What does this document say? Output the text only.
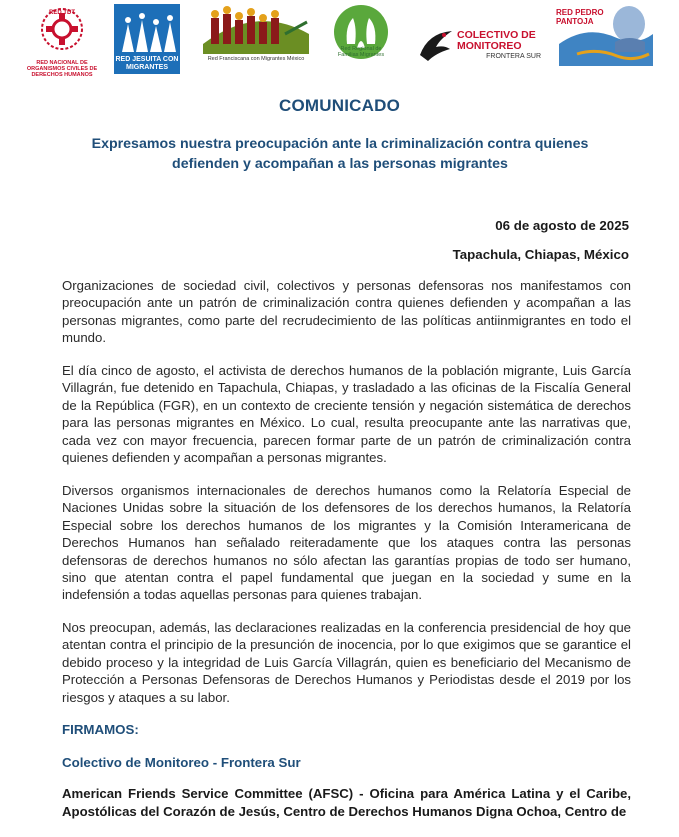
RED TDT
RED NACIONAL DE ORGANISMOS CIVILES DE DERECHOS HUMANOS
RED JESUITA CON MIGRANTES
Red Franciscana con Migrantes México
Red Regional de Familias Migrantes
COLECTIVO DE MONITOREO
FRONTERA SUR
RED PEDRO PANTOJA
COMUNICADO
Expresamos nuestra preocupación ante la criminalización contra quienes defienden y acompañan a las personas migrantes
06 de agosto de 2025
Tapachula, Chiapas, México
Organizaciones de sociedad civil, colectivos y personas defensoras nos manifestamos con preocupación ante un patrón de criminalización contra quienes defienden y acompañan a las personas migrantes, como parte del recrudecimiento de las políticas antiinmigrantes en todo el mundo.
El día cinco de agosto, el activista de derechos humanos de la población migrante, Luis García Villagrán, fue detenido en Tapachula, Chiapas, y trasladado a las oficinas de la Fiscalía General de la República (FGR), en un contexto de creciente tensión y negación sistemática de derechos para las personas migrantes en México. Lo cual, resulta preocupante ante las narrativas que, cada vez con mayor frecuencia, parecen formar parte de un patrón de criminalización contra quienes defienden y acompañan a personas migrantes.
Diversos organismos internacionales de derechos humanos como la Relatoría Especial de Naciones Unidas sobre la situación de los defensores de los derechos humanos, la Relatoría Especial sobre los derechos humanos de los migrantes y la Comisión Interamericana de Derechos Humanos han señalado reiteradamente que los ataques contra las personas defensoras de derechos humanos no sólo afectan las garantías propias de todo ser humano, sino que atentan contra el papel fundamental que juegan en la sociedad y sume en la indefensión a todas aquellas personas para quienes trabajan.
Nos preocupan, además, las declaraciones realizadas en la conferencia presidencial de hoy que atentan contra el principio de la presunción de inocencia, por lo que exigimos que se garantice el debido proceso y la integridad de Luis García Villagrán, quien es beneficiario del Mecanismo de Protección a Personas Defensoras de Derechos Humanos y Periodistas desde el 2019 por los riesgos y ataques a su labor.
FIRMAMOS:
Colectivo de Monitoreo - Frontera Sur
American Friends Service Committee (AFSC) - Oficina para América Latina y el Caribe, Apostólicas del Corazón de Jesús, Centro de Derechos Humanos Digna Ochoa, Centro de
